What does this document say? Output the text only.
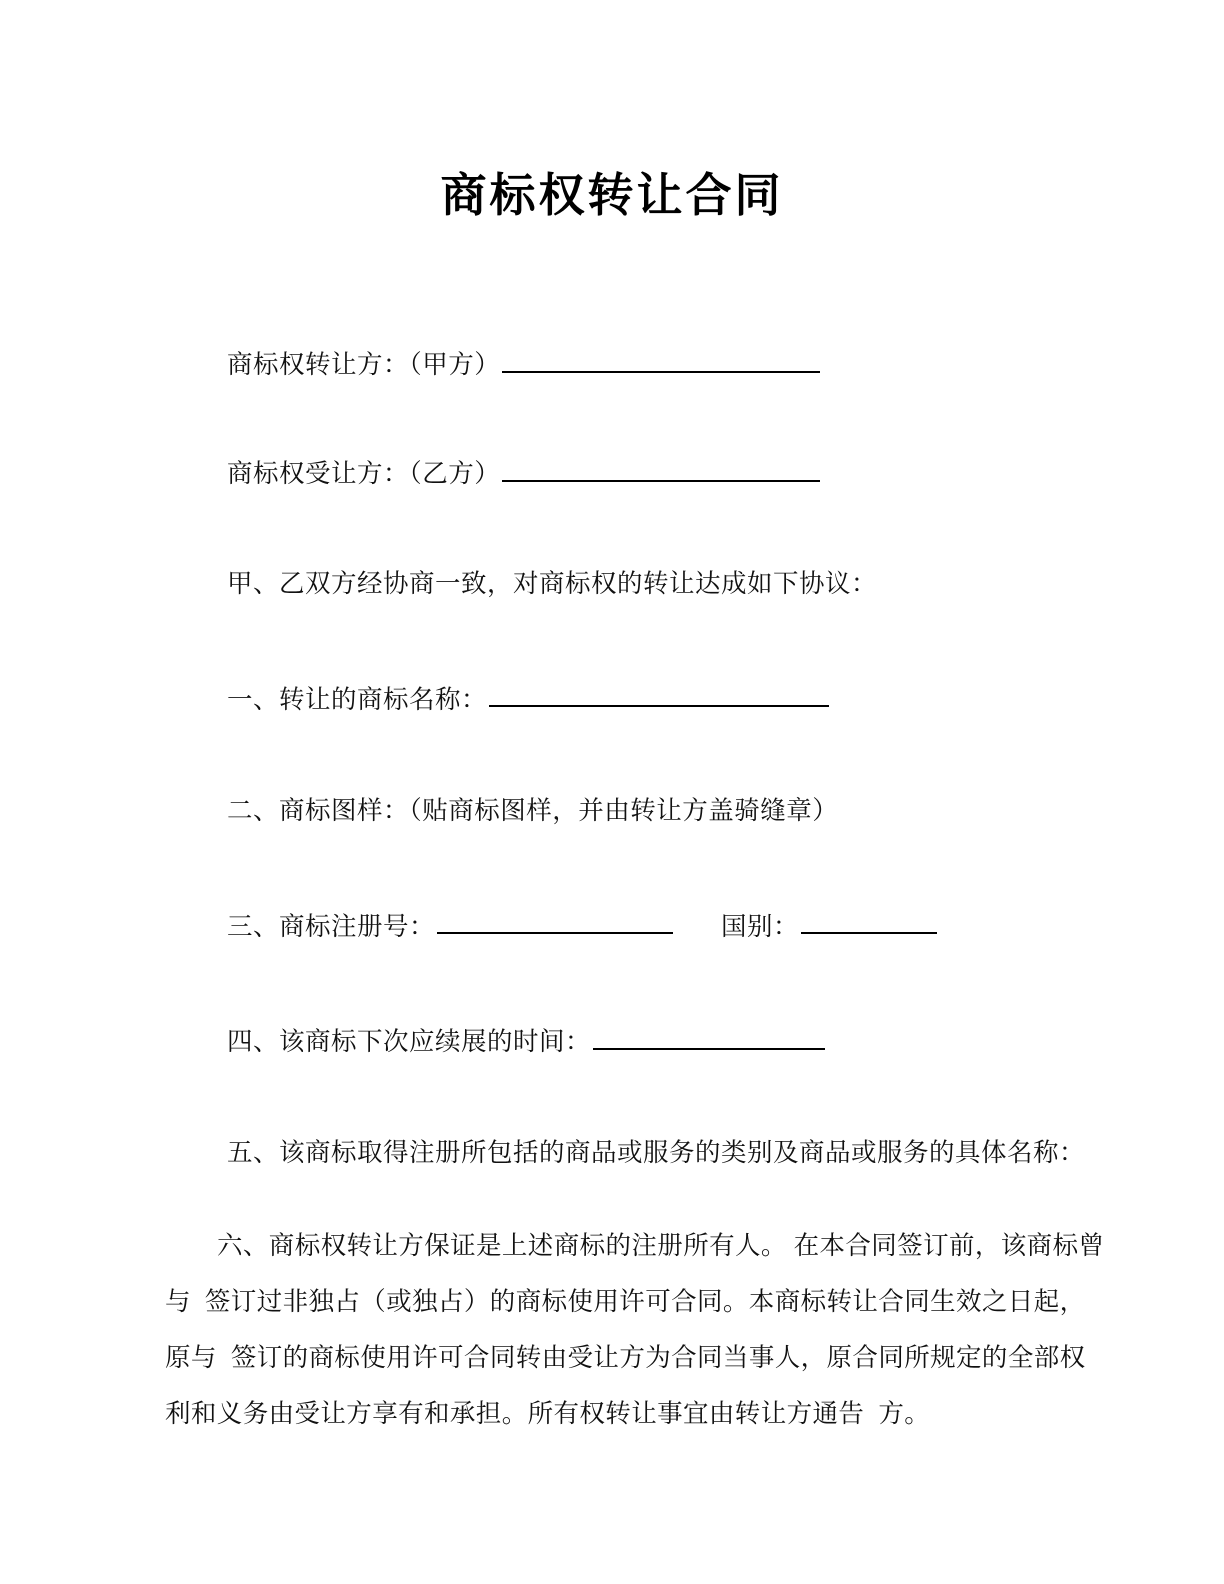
商标权转让合同
商标权转让方：（甲方）
商标权受让方：（乙方）
甲、乙双方经协商一致，对商标权的转让达成如下协议：
一、转让的商标名称：
二、商标图样：（贴商标图样，并由转让方盖骑缝章）
三、商标注册号：	国别：
四、该商标下次应续展的时间：
五、该商标取得注册所包括的商品或服务的类别及商品或服务的具体名称：
六、商标权转让方保证是上述商标的注册所有人。 在本合同签订前，该商标曾
与 签订过非独占（或独占）的商标使用许可合同。本商标转让合同生效之日起，
原与 签订的商标使用许可合同转由受让方为合同当事人，原合同所规定的全部权
利和义务由受让方享有和承担。所有权转让事宜由转让方通告 方。
